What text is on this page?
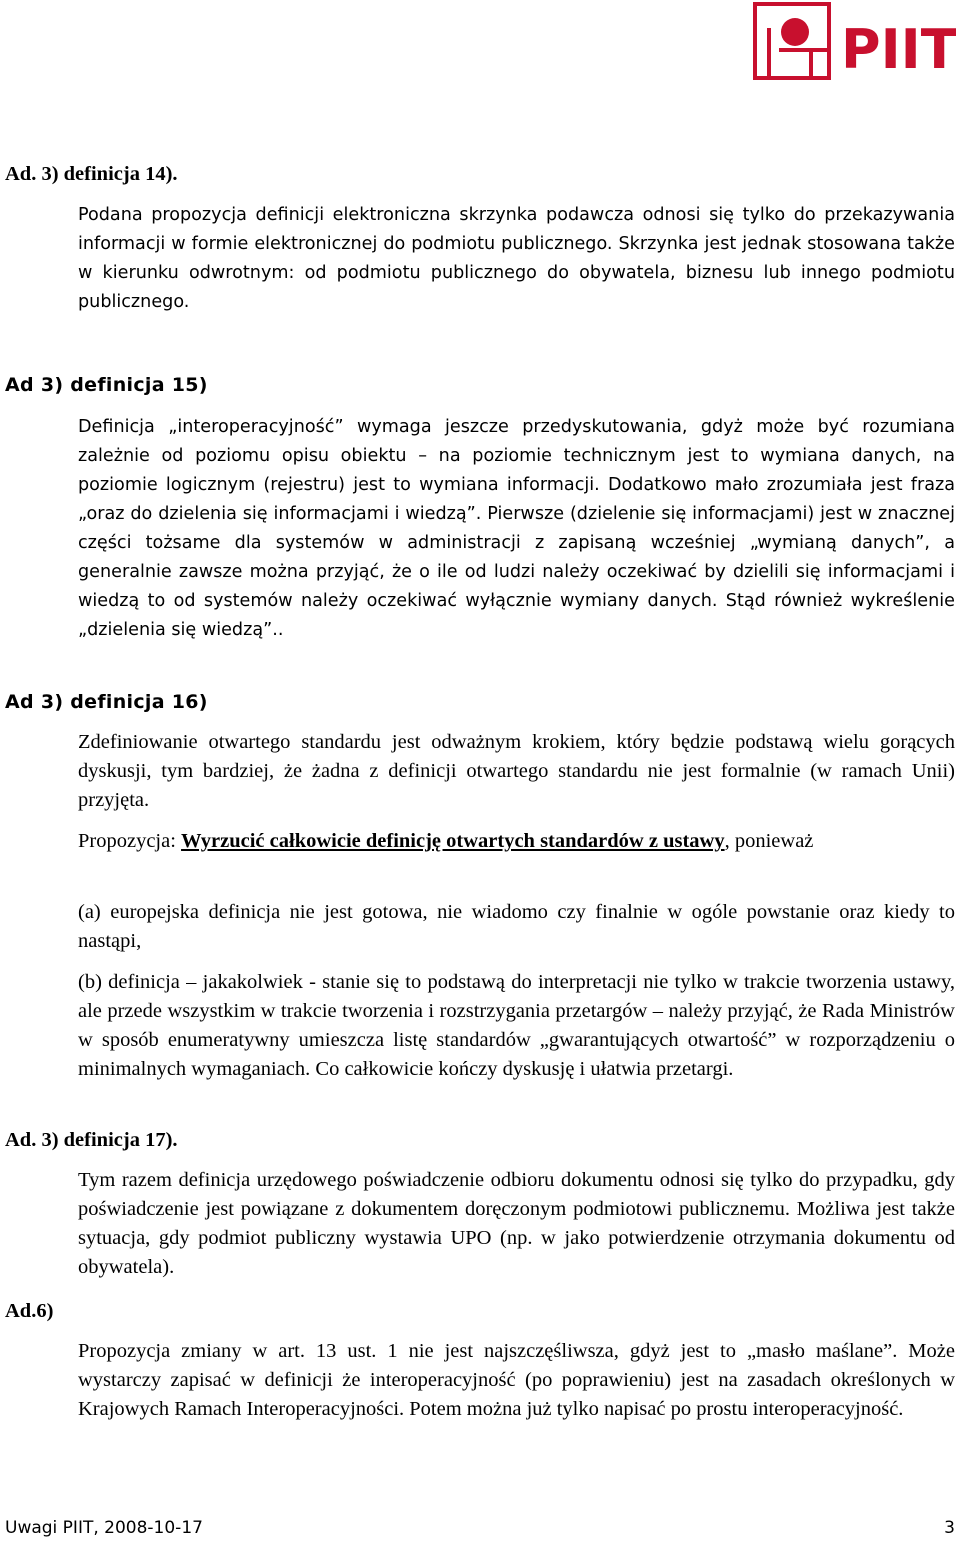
PIIT
Ad. 3) definicja 14).

Podana propozycja definicji elektroniczna skrzynka podawcza odnosi się tylko do przekazywania informacji w formie elektronicznej do podmiotu publicznego. Skrzynka jest jednak stosowana także w kierunku odwrotnym: od podmiotu publicznego do obywatela, biznesu lub innego podmiotu publicznego.

Ad 3) definicja 15)

Definicja „interoperacyjność” wymaga jeszcze przedyskutowania, gdyż może być rozumiana zależnie od poziomu opisu obiektu – na poziomie technicznym jest to wymiana danych, na poziomie logicznym (rejestru) jest to wymiana informacji. Dodatkowo mało zrozumiała jest fraza „oraz do dzielenia się informacjami i wiedzą”. Pierwsze (dzielenie się informacjami) jest w znacznej części tożsame dla systemów w administracji z zapisaną wcześniej „wymianą danych”, a generalnie zawsze można przyjąć, że o ile od ludzi należy oczekiwać by dzielili się informacjami i wiedzą to od systemów należy oczekiwać wyłącznie wymiany danych. Stąd również wykreślenie „dzielenia się wiedzą”..

Ad 3) definicja 16)

Zdefiniowanie otwartego standardu jest odważnym krokiem, który będzie podstawą wielu gorących dyskusji, tym bardziej, że żadna z definicji otwartego standardu nie jest formalnie (w ramach Unii) przyjęta.

Propozycja: Wyrzucić całkowicie definicję otwartych standardów z ustawy, ponieważ

(a) europejska definicja nie jest gotowa, nie wiadomo czy finalnie w ogóle powstanie oraz kiedy to nastąpi,

(b) definicja – jakakolwiek - stanie się to podstawą do interpretacji nie tylko w trakcie tworzenia ustawy, ale przede wszystkim w trakcie tworzenia i rozstrzygania przetargów – należy przyjąć, że Rada Ministrów w sposób enumeratywny umieszcza listę standardów „gwarantujących otwartość” w rozporządzeniu o minimalnych wymaganiach. Co całkowicie kończy dyskusję i ułatwia przetargi.

Ad. 3) definicja 17).

Tym razem definicja urzędowego poświadczenie odbioru dokumentu odnosi się tylko do przypadku, gdy poświadczenie jest powiązane z dokumentem doręczonym podmiotowi publicznemu. Możliwa jest także sytuacja, gdy podmiot publiczny wystawia UPO (np. w jako potwierdzenie otrzymania dokumentu od obywatela).

Ad.6)

Propozycja zmiany w art. 13 ust. 1 nie jest najszczęśliwsza, gdyż jest to „masło maślane”. Może wystarczy zapisać w definicji że interoperacyjność (po poprawieniu) jest na zasadach określonych w Krajowych Ramach Interoperacyjności. Potem można już tylko napisać po prostu interoperacyjność.

Uwagi PIIT, 2008-10-17	3
